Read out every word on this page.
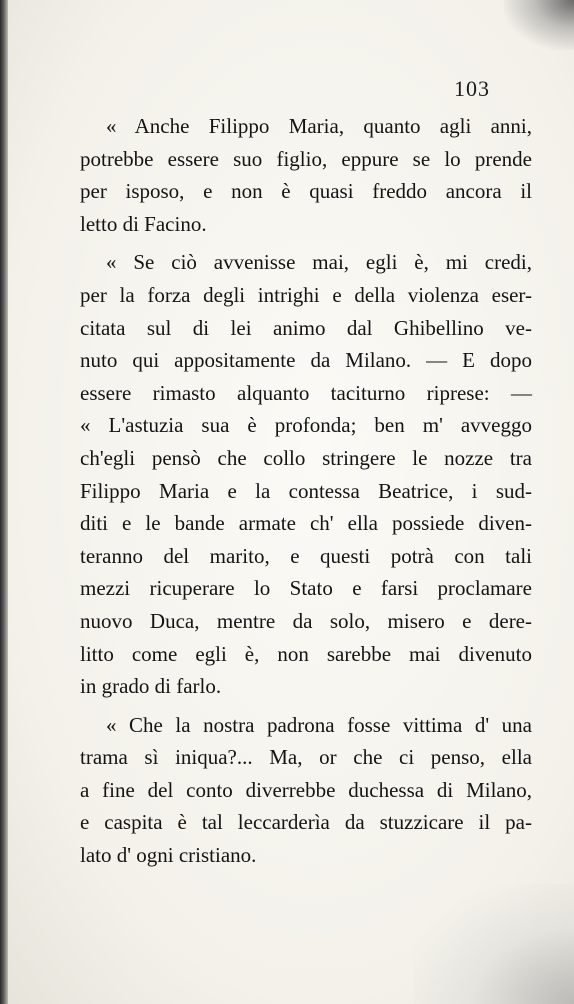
103
« Anche Filippo Maria, quanto agli anni,
potrebbe essere suo figlio, eppure se lo prende
per isposo, e non è quasi freddo ancora il
letto di Facino.
« Se ciò avvenisse mai, egli è, mi credi,
per la forza degli intrighi e della violenza eser-
citata sul di lei animo dal Ghibellino ve-
nuto qui appositamente da Milano. — E dopo
essere rimasto alquanto taciturno riprese: —
« L'astuzia sua è profonda; ben m' avveggo
ch'egli pensò che collo stringere le nozze tra
Filippo Maria e la contessa Beatrice, i sud-
diti e le bande armate ch' ella possiede diven-
teranno del marito, e questi potrà con tali
mezzi ricuperare lo Stato e farsi proclamare
nuovo Duca, mentre da solo, misero e dere-
litto come egli è, non sarebbe mai divenuto
in grado di farlo.
« Che la nostra padrona fosse vittima d' una
trama sì iniqua?... Ma, or che ci penso, ella
a fine del conto diverrebbe duchessa di Milano,
e caspita è tal leccarderìa da stuzzicare il pa-
lato d' ogni cristiano.
